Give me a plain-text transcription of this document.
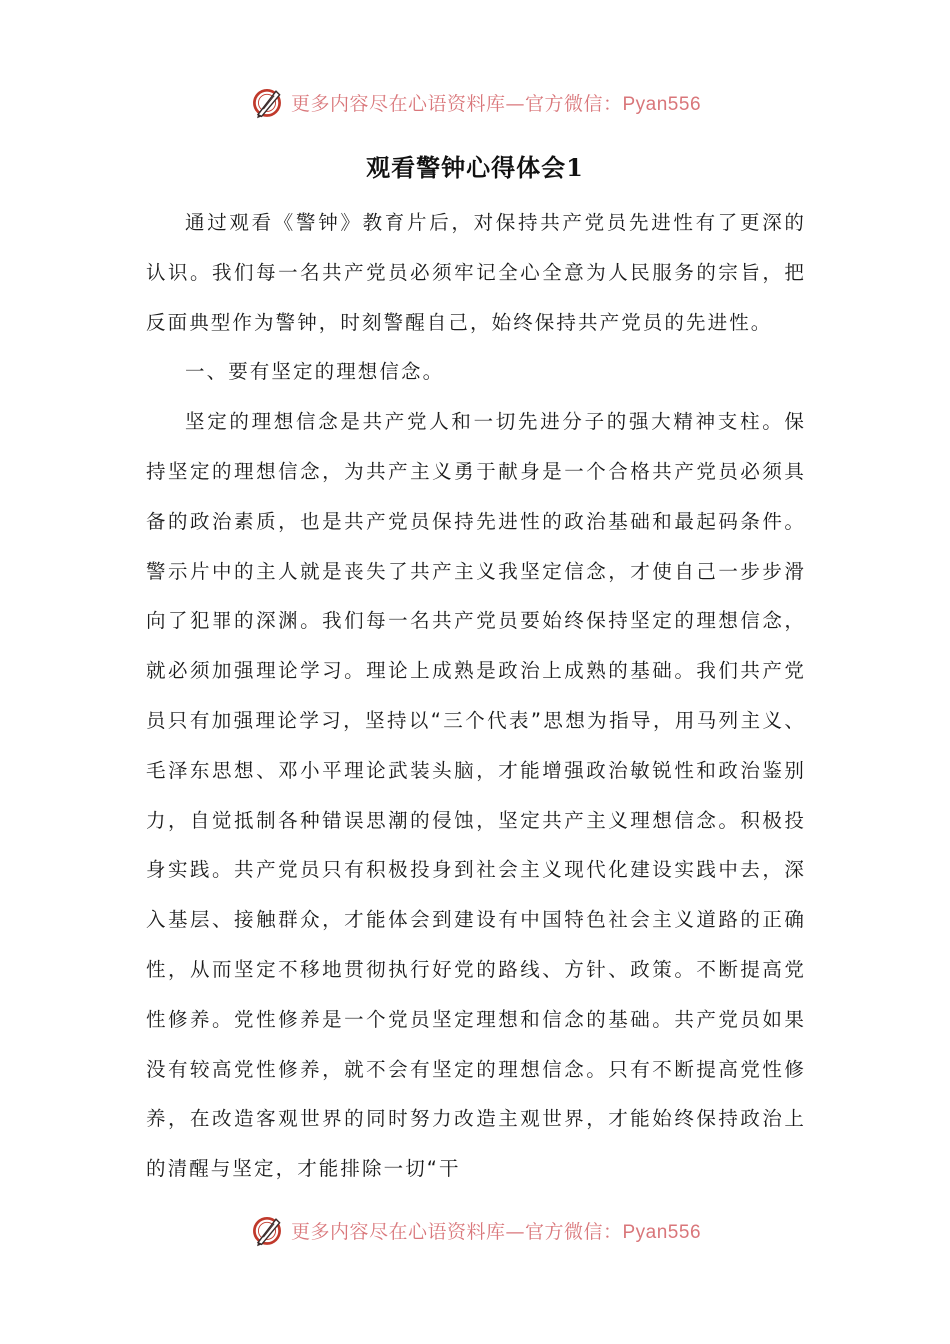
更多内容尽在心语资料库—官方微信：Pyan556
观看警钟心得体会1

通过观看《警钟》教育片后，对保持共产党员先进性有了更深的认识。我们每一名共产党员必须牢记全心全意为人民服务的宗旨，把反面典型作为警钟，时刻警醒自己，始终保持共产党员的先进性。

一、要有坚定的理想信念。

坚定的理想信念是共产党人和一切先进分子的强大精神支柱。保持坚定的理想信念，为共产主义勇于献身是一个合格共产党员必须具备的政治素质，也是共产党员保持先进性的政治基础和最起码条件。警示片中的主人就是丧失了共产主义我坚定信念，才使自己一步步滑向了犯罪的深渊。我们每一名共产党员要始终保持坚定的理想信念，就必须加强理论学习。理论上成熟是政治上成熟的基础。我们共产党员只有加强理论学习，坚持以“三个代表”思想为指导，用马列主义、毛泽东思想、邓小平理论武装头脑，才能增强政治敏锐性和政治鉴别力，自觉抵制各种错误思潮的侵蚀，坚定共产主义理想信念。积极投身实践。共产党员只有积极投身到社会主义现代化建设实践中去，深入基层、接触群众，才能体会到建设有中国特色社会主义道路的正确性，从而坚定不移地贯彻执行好党的路线、方针、政策。不断提高党性修养。党性修养是一个党员坚定理想和信念的基础。共产党员如果没有较高党性修养，就不会有坚定的理想信念。只有不断提高党性修养，在改造客观世界的同时努力改造主观世界，才能始终保持政治上的清醒与坚定，才能排除一切“干

更多内容尽在心语资料库—官方微信：Pyan556
